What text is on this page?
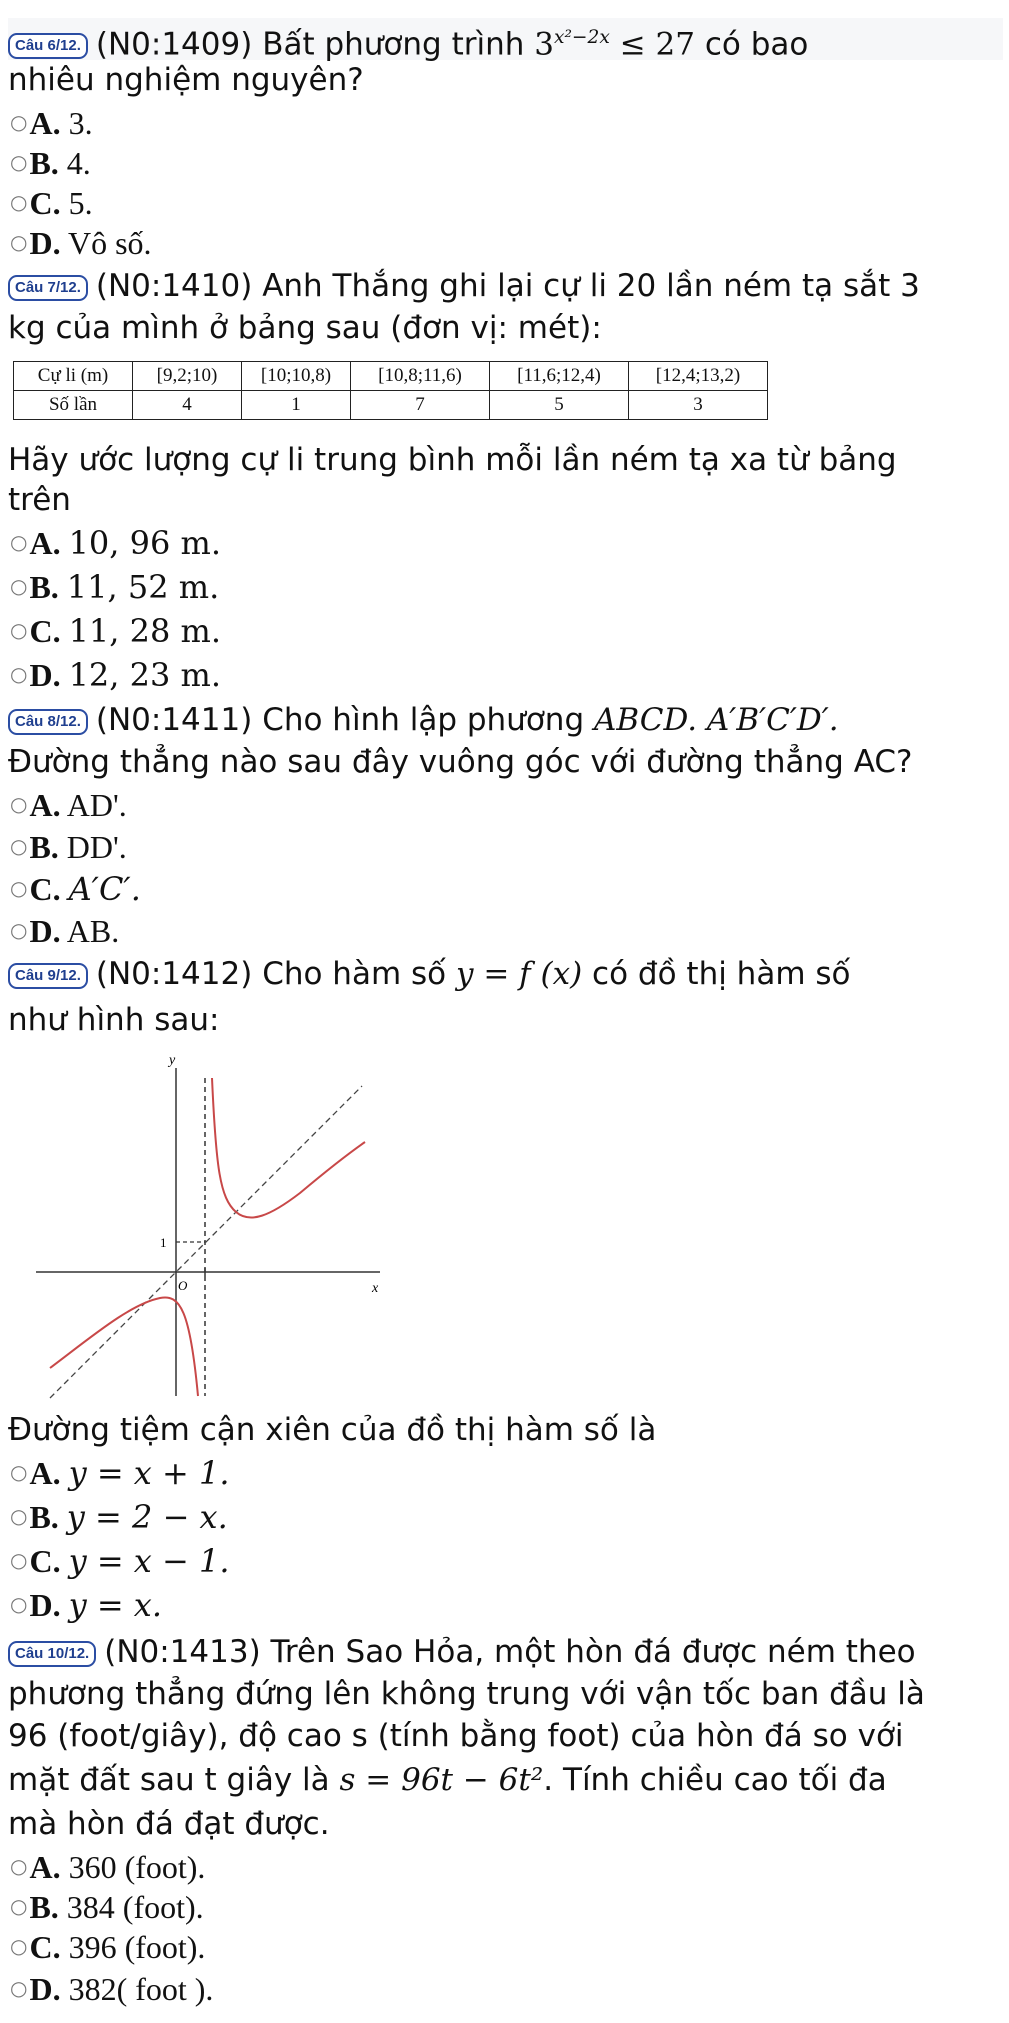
Câu 6/12. (N0:1409) Bất phương trình $3^{x^2-2x} \le 27$ có bao
nhiêu nghiệm nguyên?
○A. 3.
○B. 4.
○C. 5.
○D. Vô số.
Câu 7/12. (N0:1410) Anh Thắng ghi lại cự li 20 lần ném tạ sắt 3
kg của mình ở bảng sau (đơn vị: mét):
Cự li (m)	[9,2;10)	[10;10,8)	[10,8;11,6)	[11,6;12,4)	[12,4;13,2)
Số lần	4	1	7	5	3
Hãy ước lượng cự li trung bình mỗi lần ném tạ xa từ bảng
trên
○A. 10, 96 m.
○B. 11, 52 m.
○C. 11, 28 m.
○D. 12, 23 m.
Câu 8/12. (N0:1411) Cho hình lập phương ABCD. A′B′C′D′.
Đường thẳng nào sau đây vuông góc với đường thẳng AC?
○A. AD'.
○B. DD'.
○C. A′C′.
○D. AB.
Câu 9/12. (N0:1412) Cho hàm số y = f (x) có đồ thị hàm số
như hình sau:
y
x
O
1
Đường tiệm cận xiên của đồ thị hàm số là
○A. y = x + 1.
○B. y = 2 − x.
○C. y = x − 1.
○D. y = x.
Câu 10/12. (N0:1413) Trên Sao Hỏa, một hòn đá được ném theo
phương thẳng đứng lên không trung với vận tốc ban đầu là
96 (foot/giây), độ cao s (tính bằng foot) của hòn đá so với
mặt đất sau t giây là s = 96t − 6t². Tính chiều cao tối đa
mà hòn đá đạt được.
○A. 360 (foot).
○B. 384 (foot).
○C. 396 (foot).
○D. 382( foot ).
